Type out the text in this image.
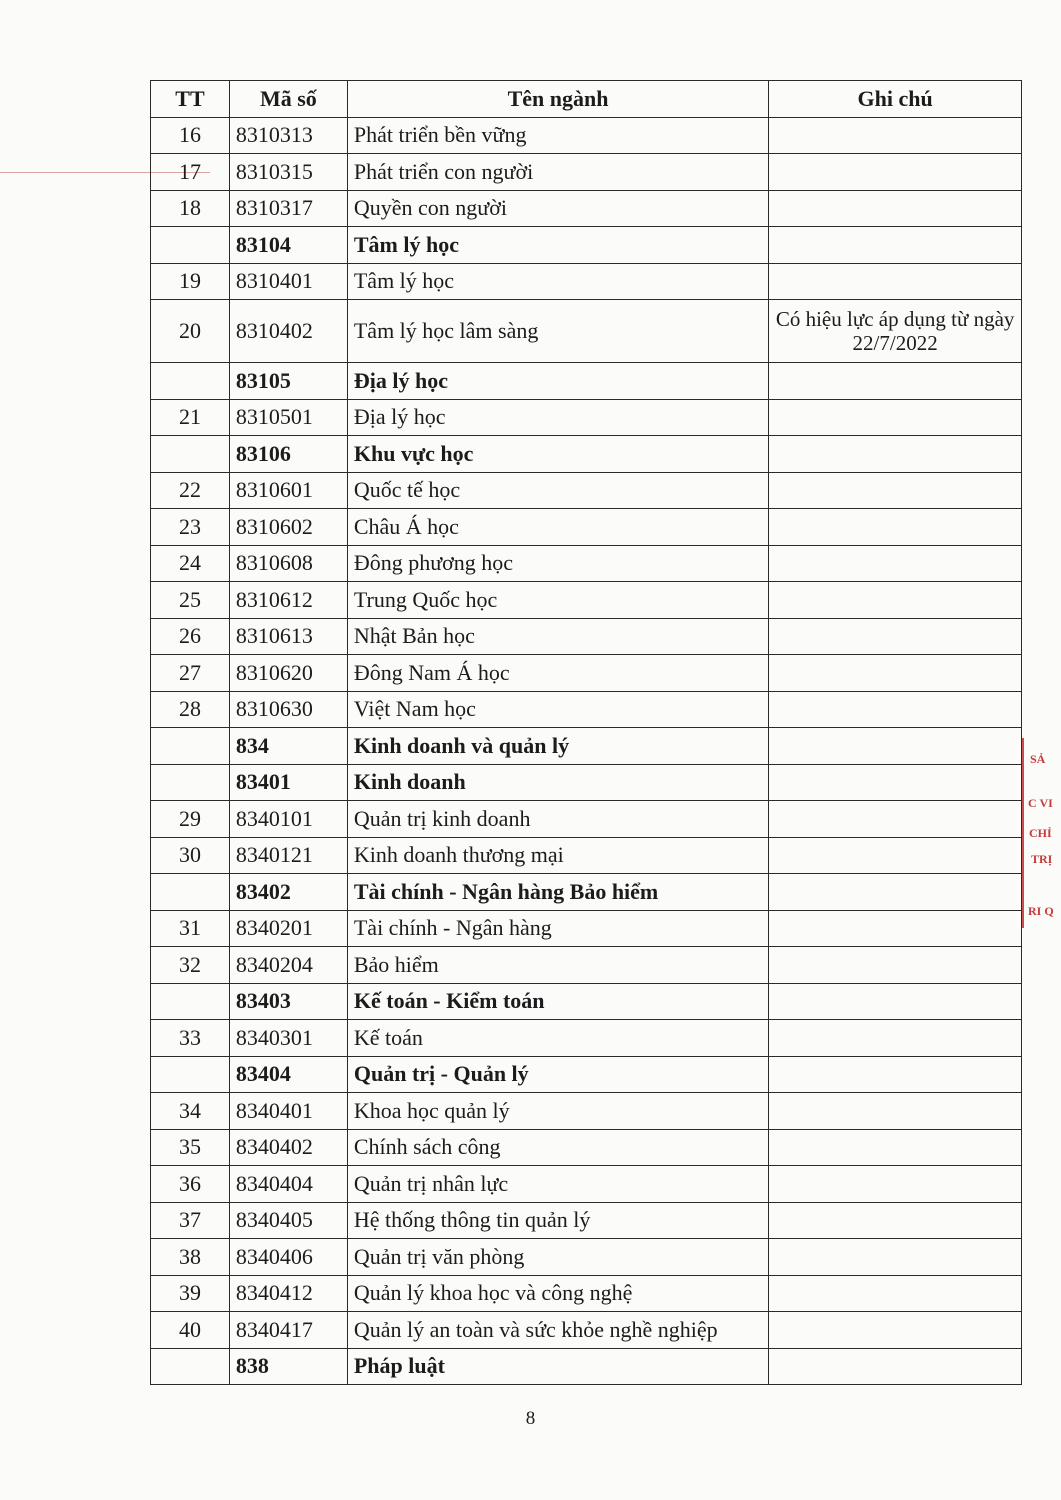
TT	Mã số	Tên ngành	Ghi chú
16	8310313	Phát triển bền vững	
17	8310315	Phát triển con người	
18	8310317	Quyền con người	
	83104	Tâm lý học	
19	8310401	Tâm lý học	
20	8310402	Tâm lý học lâm sàng	Có hiệu lực áp dụng từ ngày 22/7/2022
	83105	Địa lý học	
21	8310501	Địa lý học	
	83106	Khu vực học	
22	8310601	Quốc tế học	
23	8310602	Châu Á học	
24	8310608	Đông phương học	
25	8310612	Trung Quốc học	
26	8310613	Nhật Bản học	
27	8310620	Đông Nam Á học	
28	8310630	Việt Nam học	
	834	Kinh doanh và quản lý	
	83401	Kinh doanh	
29	8340101	Quản trị kinh doanh	
30	8340121	Kinh doanh thương mại	
	83402	Tài chính - Ngân hàng Bảo hiểm	
31	8340201	Tài chính - Ngân hàng	
32	8340204	Bảo hiểm	
	83403	Kế toán - Kiểm toán	
33	8340301	Kế toán	
	83404	Quản trị - Quản lý	
34	8340401	Khoa học quản lý	
35	8340402	Chính sách công	
36	8340404	Quản trị nhân lực	
37	8340405	Hệ thống thông tin quản lý	
38	8340406	Quản trị văn phòng	
39	8340412	Quản lý khoa học và công nghệ	
40	8340417	Quản lý an toàn và sức khỏe nghề nghiệp	
	838	Pháp luật	
8
SẢ
C VI
CHỈ
TRỊ
RI Q
